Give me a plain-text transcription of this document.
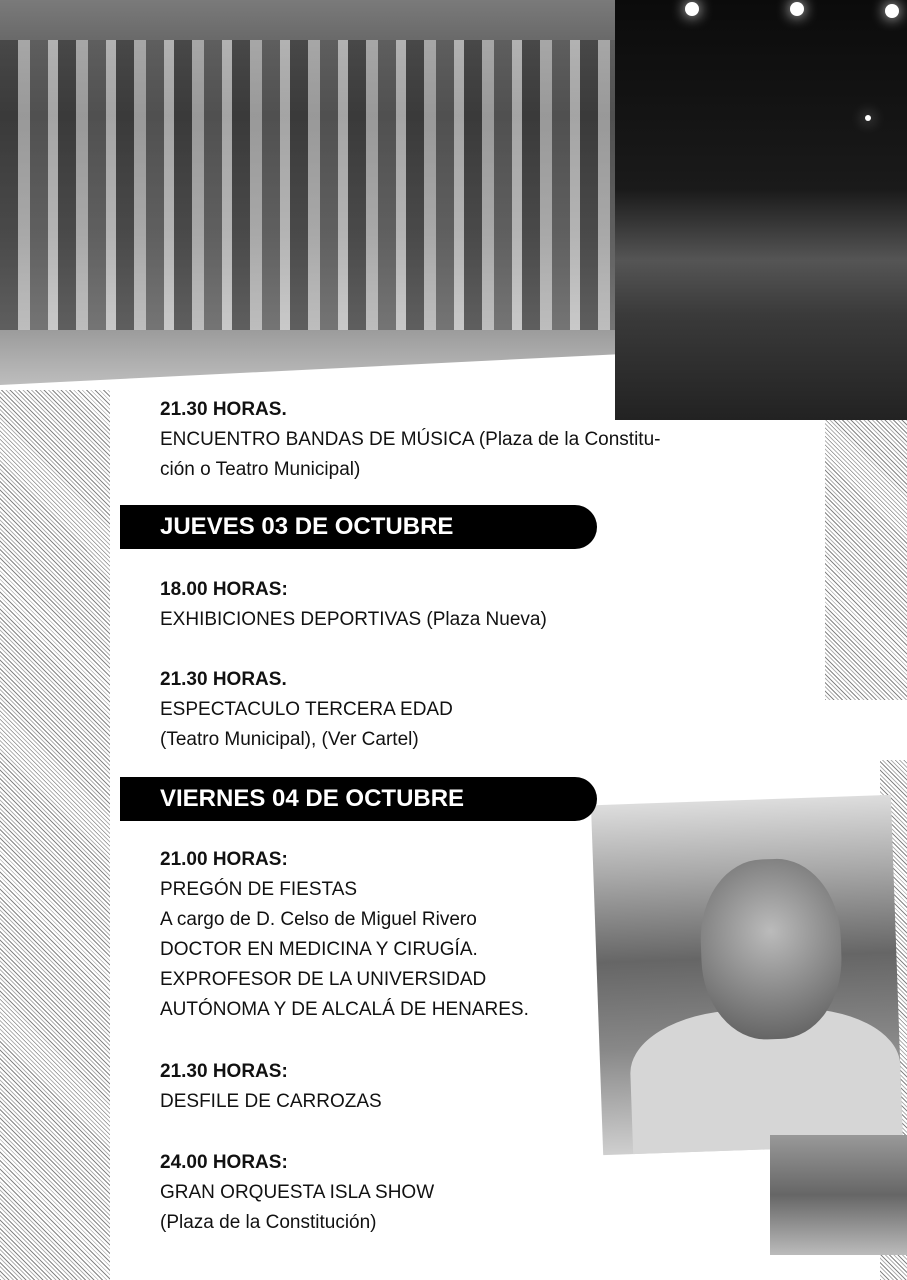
21.30 HORAS.
ENCUENTRO BANDAS DE MÚSICA (Plaza de la Constitu-
ción o Teatro Municipal)
JUEVES 03 DE OCTUBRE
18.00 HORAS:
EXHIBICIONES DEPORTIVAS (Plaza Nueva)
21.30 HORAS.
ESPECTACULO TERCERA EDAD
(Teatro Municipal), (Ver Cartel)
VIERNES 04 DE OCTUBRE
21.00 HORAS:
PREGÓN DE FIESTAS
A cargo de D. Celso de Miguel Rivero
DOCTOR EN MEDICINA Y CIRUGÍA.
EXPROFESOR DE LA UNIVERSIDAD
AUTÓNOMA Y DE ALCALÁ DE HENARES.
21.30 HORAS:
DESFILE DE CARROZAS
24.00 HORAS:
GRAN ORQUESTA ISLA SHOW
(Plaza de la Constitución)
